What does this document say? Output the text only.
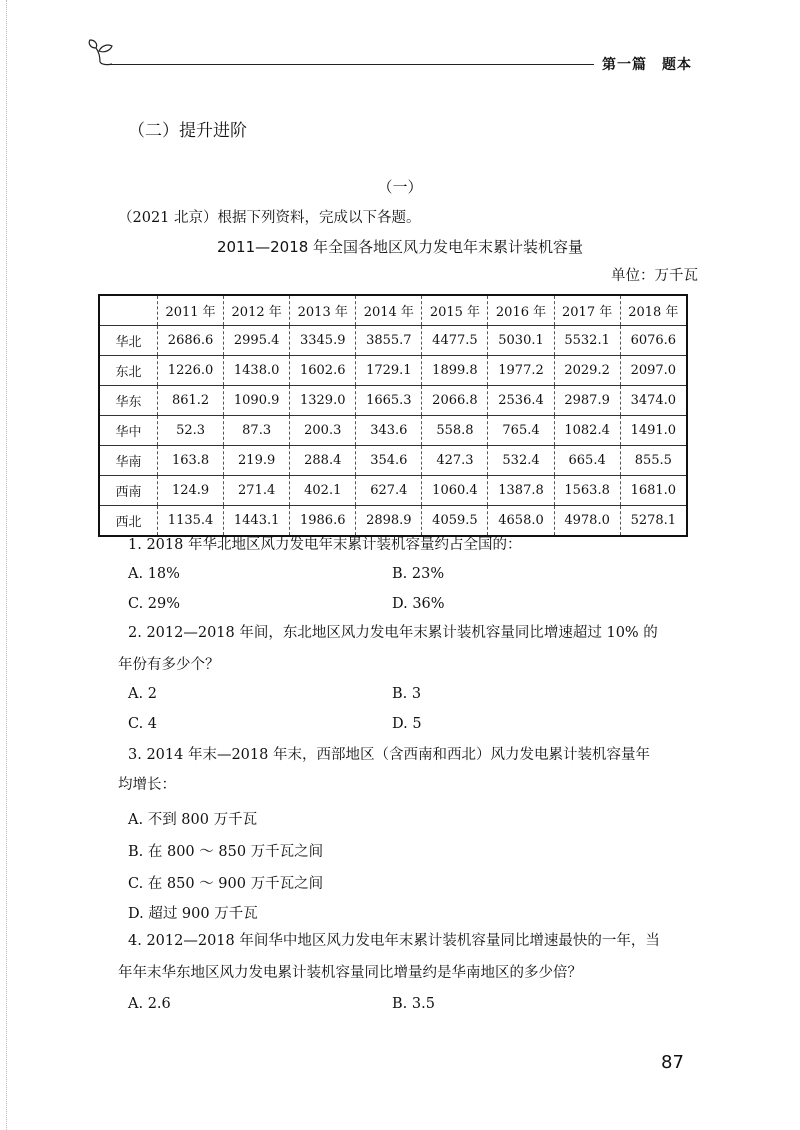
第一篇　题本
（二）提升进阶
（一）
（2021 北京）根据下列资料，完成以下各题。
2011—2018 年全国各地区风力发电年末累计装机容量
单位：万千瓦
	2011 年	2012 年	2013 年	2014 年	2015 年	2016 年	2017 年	2018 年
华北	2686.6	2995.4	3345.9	3855.7	4477.5	5030.1	5532.1	6076.6
东北	1226.0	1438.0	1602.6	1729.1	1899.8	1977.2	2029.2	2097.0
华东	861.2	1090.9	1329.0	1665.3	2066.8	2536.4	2987.9	3474.0
华中	52.3	87.3	200.3	343.6	558.8	765.4	1082.4	1491.0
华南	163.8	219.9	288.4	354.6	427.3	532.4	665.4	855.5
西南	124.9	271.4	402.1	627.4	1060.4	1387.8	1563.8	1681.0
西北	1135.4	1443.1	1986.6	2898.9	4059.5	4658.0	4978.0	5278.1

1. 2018 年华北地区风力发电年末累计装机容量约占全国的：

A. 18%	B. 23%
C. 29%	D. 36%

2. 2012—2018 年间，东北地区风力发电年末累计装机容量同比增速超过 10% 的

年份有多少个？

A. 2	B. 3
C. 4	D. 5

3. 2014 年末—2018 年末，西部地区（含西南和西北）风力发电累计装机容量年

均增长：

A. 不到 800 万千瓦
B. 在 800 ～ 850 万千瓦之间
C. 在 850 ～ 900 万千瓦之间
D. 超过 900 万千瓦

4. 2012—2018 年间华中地区风力发电年末累计装机容量同比增速最快的一年，当

年年末华东地区风力发电累计装机容量同比增量约是华南地区的多少倍？

A. 2.6	B. 3.5
87
